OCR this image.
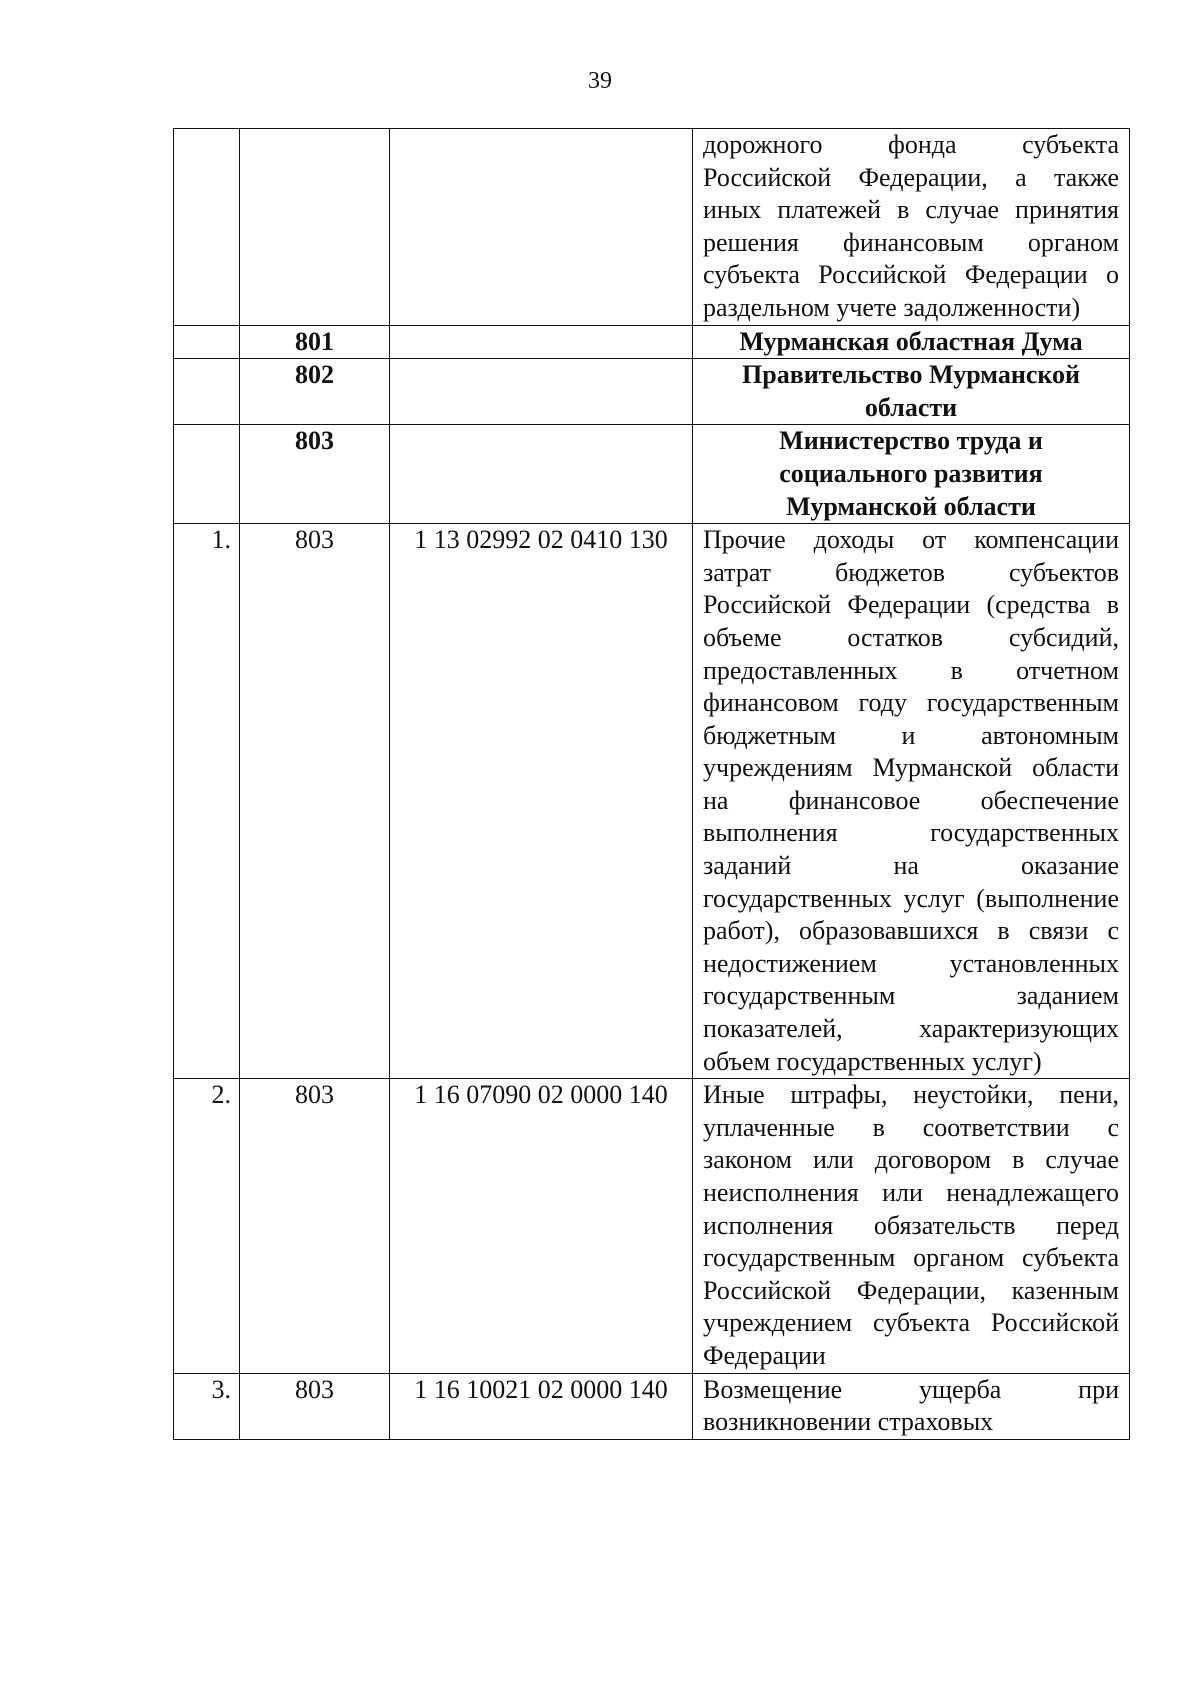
39
			дорожного фонда субъекта Российской Федерации, а также иных платежей в случае принятия решения финансовым органом субъекта Российской Федерации о раздельном учете задолженности)
	801		Мурманская областная Дума
	802		Правительство Мурманской области
	803		Министерство труда и социального развития Мурманской области
1.	803	1 13 02992 02 0410 130	Прочие доходы от компенсации затрат бюджетов субъектов Российской Федерации (средства в объеме остатков субсидий, предоставленных в отчетном финансовом году государственным бюджетным и автономным учреждениям Мурманской области на финансовое обеспечение выполнения государственных заданий на оказание государственных услуг (выполнение работ), образовавшихся в связи с недостижением установленных государственным заданием показателей, характеризующих объем государственных услуг)
2.	803	1 16 07090 02 0000 140	Иные штрафы, неустойки, пени, уплаченные в соответствии с законом или договором в случае неисполнения или ненадлежащего исполнения обязательств перед государственным органом субъекта Российской Федерации, казенным учреждением субъекта Российской Федерации
3.	803	1 16 10021 02 0000 140	Возмещение ущерба при возникновении страховых
